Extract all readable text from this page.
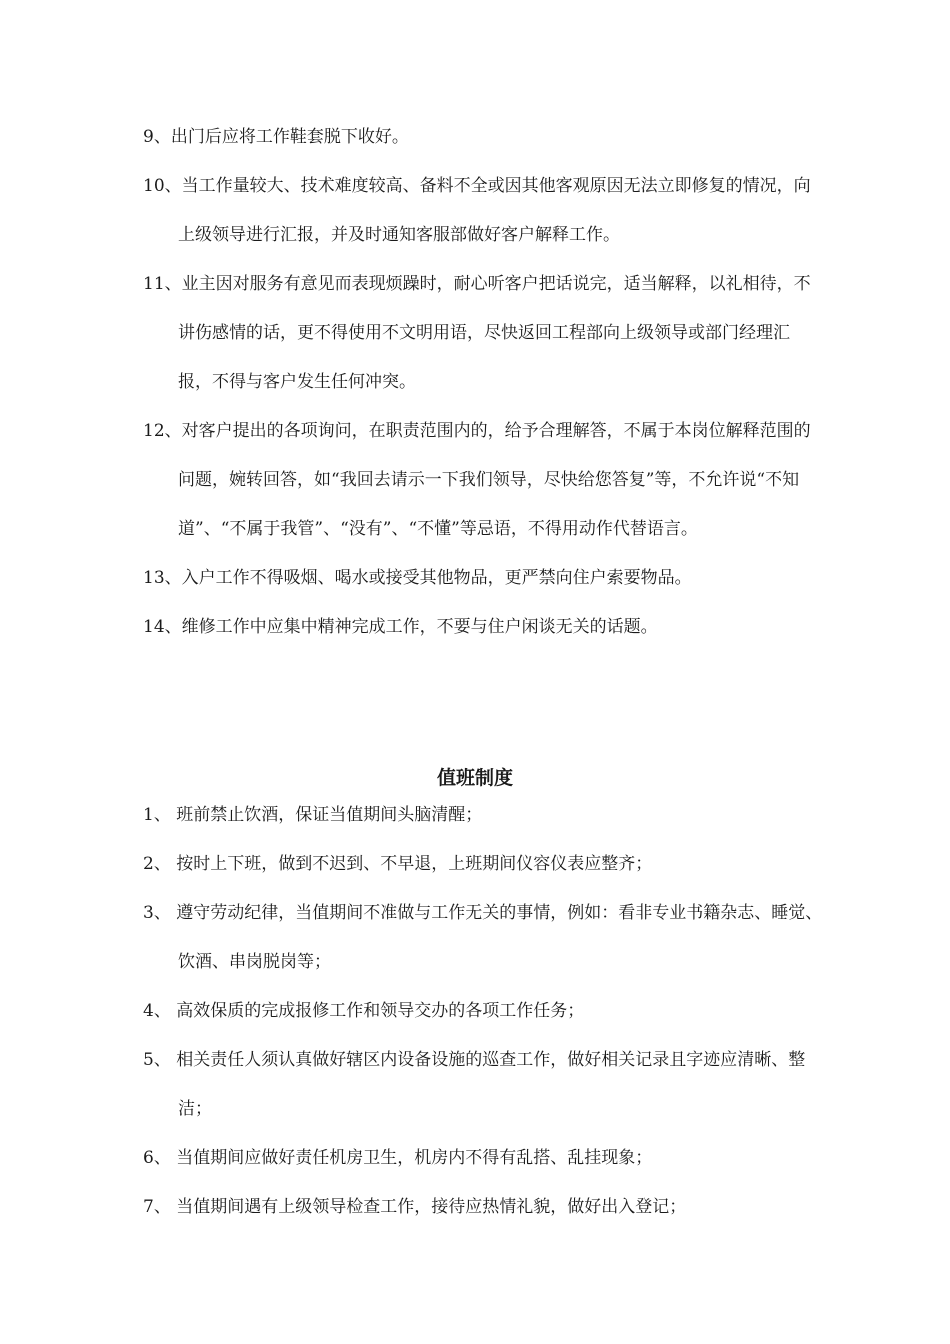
9、出门后应将工作鞋套脱下收好。

10、当工作量较大、技术难度较高、备料不全或因其他客观原因无法立即修复的情况，向上级领导进行汇报，并及时通知客服部做好客户解释工作。

11、业主因对服务有意见而表现烦躁时，耐心听客户把话说完，适当解释，以礼相待，不讲伤感情的话，更不得使用不文明用语，尽快返回工程部向上级领导或部门经理汇报，不得与客户发生任何冲突。

12、对客户提出的各项询问，在职责范围内的，给予合理解答，不属于本岗位解释范围的问题，婉转回答，如“我回去请示一下我们领导，尽快给您答复”等，不允许说“不知道”、“不属于我管”、“没有”、“不懂”等忌语，不得用动作代替语言。

13、入户工作不得吸烟、喝水或接受其他物品，更严禁向住户索要物品。

14、维修工作中应集中精神完成工作，不要与住户闲谈无关的话题。

值班制度

1、 班前禁止饮酒，保证当值期间头脑清醒；

2、 按时上下班，做到不迟到、不早退，上班期间仪容仪表应整齐；

3、 遵守劳动纪律，当值期间不准做与工作无关的事情，例如：看非专业书籍杂志、睡觉、饮酒、串岗脱岗等；

4、 高效保质的完成报修工作和领导交办的各项工作任务；

5、 相关责任人须认真做好辖区内设备设施的巡查工作，做好相关记录且字迹应清晰、整洁；

6、 当值期间应做好责任机房卫生，机房内不得有乱搭、乱挂现象；

7、 当值期间遇有上级领导检查工作，接待应热情礼貌，做好出入登记；
